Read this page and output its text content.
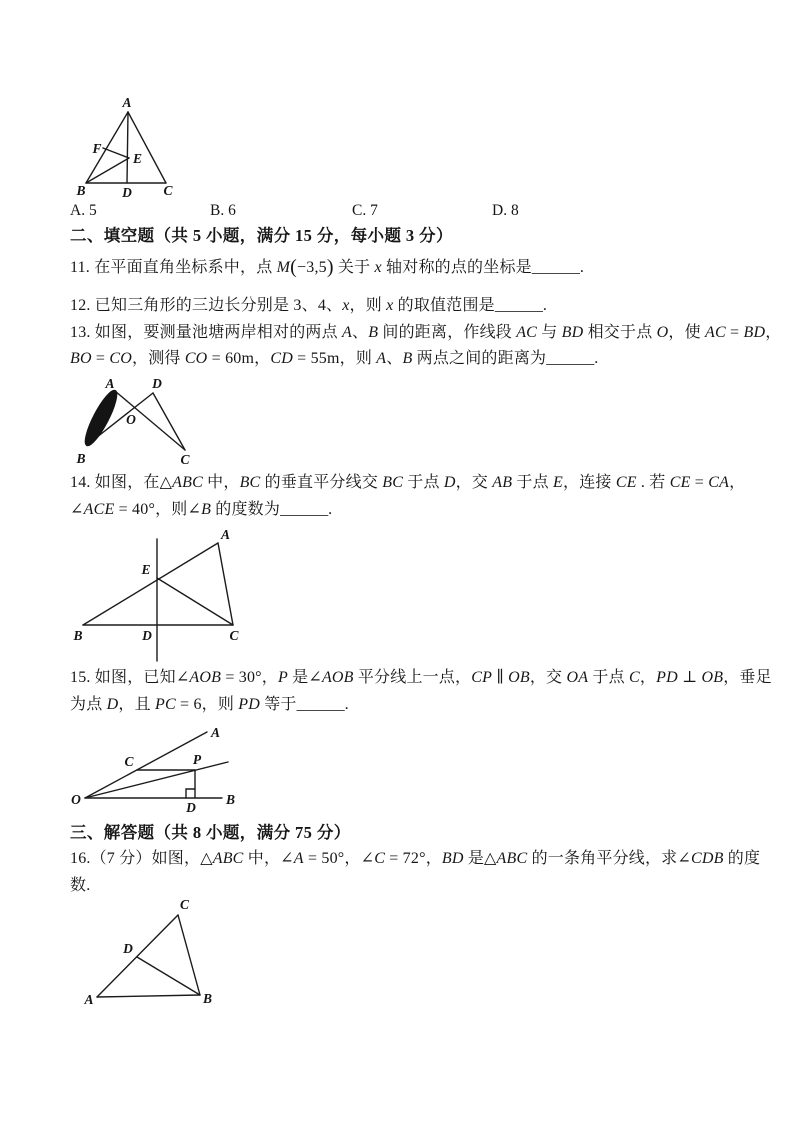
A
F
E
B	D C
A. 5	B. 6	C. 7	D. 8
二、填空题（共 5 小题，满分 15 分，每小题 3 分）
11. 在平面直角坐标系中，点 M(−3,5) 关于 x 轴对称的点的坐标是______.
12. 已知三角形的三边长分别是 3、4、x，则 x 的取值范围是______.
13. 如图，要测量池塘两岸相对的两点 A、B 间的距离，作线段 AC 与 BD 相交于点 O，使 AC = BD，
BO = CO，测得 CO = 60m，CD = 55m，则 A、B 两点之间的距离为______.
A	D
O
B	C
14. 如图，在△ABC 中，BC 的垂直平分线交 BC 于点 D，交 AB 于点 E，连接 CE . 若 CE = CA，
∠ACE = 40°，则∠B 的度数为______.
A
E
B	D	C
15. 如图，已知∠AOB = 30°，P 是∠AOB 平分线上一点，CP ∥ OB，交 OA 于点 C，PD ⊥ OB，垂足
为点 D，且 PC = 6，则 PD 等于______.
A
C	P
O
D
B
三、解答题（共 8 小题，满分 75 分）
16.（7 分）如图，△ABC 中，∠A = 50°，∠C = 72°，BD 是△ABC 的一条角平分线，求∠CDB 的度
数.
C
D
A	B
